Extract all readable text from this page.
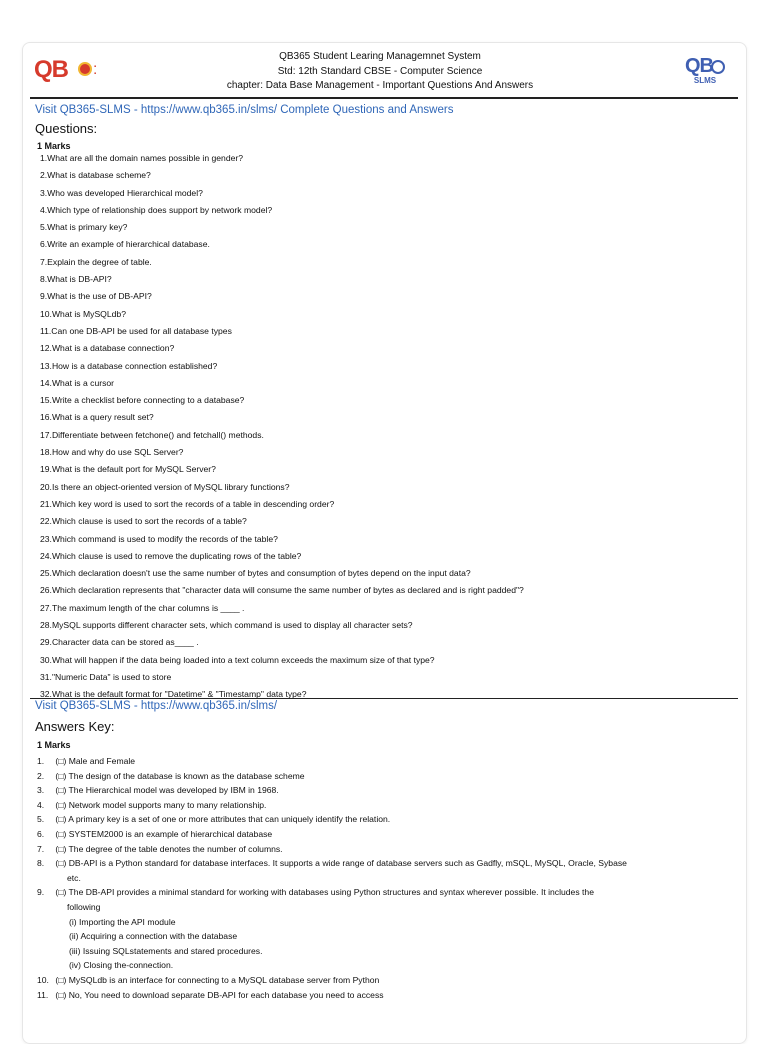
QB	▪
▪
QB365 Student Learing Managemnet System
Std: 12th Standard CBSE - Computer Science
chapter: Data Base Management - Important Questions And Answers
QB
SLMS
Visit QB365-SLMS - https://www.qb365.in/slms/ Complete Questions and Answers
Questions:
1 Marks
1.What are all the domain names possible in gender?
2.What is database scheme?
3.Who was developed Hierarchical model?
4.Which type of relationship does support by network model?
5.What is primary key?
6.Write an example of hierarchical database.
7.Explain the degree of table.
8.What is DB-API?
9.What is the use of DB-API?
10.What is MySQLdb?
11.Can one DB-API be used for all database types
12.What is a database connection?
13.How is a database connection established?
14.What is a cursor
15.Write a checklist before connecting to a database?
16.What is a query result set?
17.Differentiate between fetchone() and fetchall() methods.
18.How and why do use SQL Server?
19.What is the default port for MySQL Server?
20.Is there an object-oriented version of MySQL library functions?
21.Which key word is used to sort the records of a table in descending order?
22.Which clause is used to sort the records of a table?
23.Which command is used to modify the records of the table?
24.Which clause is used to remove the duplicating rows of the table?
25.Which declaration doesn't use the same number of bytes and consumption of bytes depend on the input data?
26.Which declaration represents that "character data will consume the same number of bytes as declared and is right padded"?
27.The maximum length of the char columns is ____ .
28.MySQL supports different character sets, which command is used to display all character sets?
29.Character data can be stored as____ .
30.What will happen if the data being loaded into a text column exceeds the maximum size of that type?
31."Numeric Data" is used to store
32.What is the default format for "Datetime" & "Timestamp" data type?
Visit QB365-SLMS - https://www.qb365.in/slms/
Answers Key:
1 Marks
1. (□) Male and Female
2. (□) The design of the database is known as the database scheme
3. (□) The Hierarchical model was developed by IBM in 1968.
4. (□) Network model supports many to many relationship.
5. (□) A primary key is a set of one or more attributes that can uniquely identify the relation.
6. (□) SYSTEM2000 is an example of hierarchical database
7. (□) The degree of the table denotes the number of columns.
8. (□) DB-API is a Python standard for database interfaces. It supports a wide range of database servers such as Gadfly, mSQL, MySQL, Oracle, Sybase
etc.
9. (□) The DB-API provides a minimal standard for working with databases using Python structures and syntax wherever possible. It includes the
following
(i) Importing the API module
(ii) Acquiring a connection with the database
(iii) Issuing SQLstatements and stared procedures.
(iv) Closing the-connection.
10. (□) MySQLdb is an interface for connecting to a MySQL database server from Python
11. (□) No, You need to download separate DB-API for each database you need to access
